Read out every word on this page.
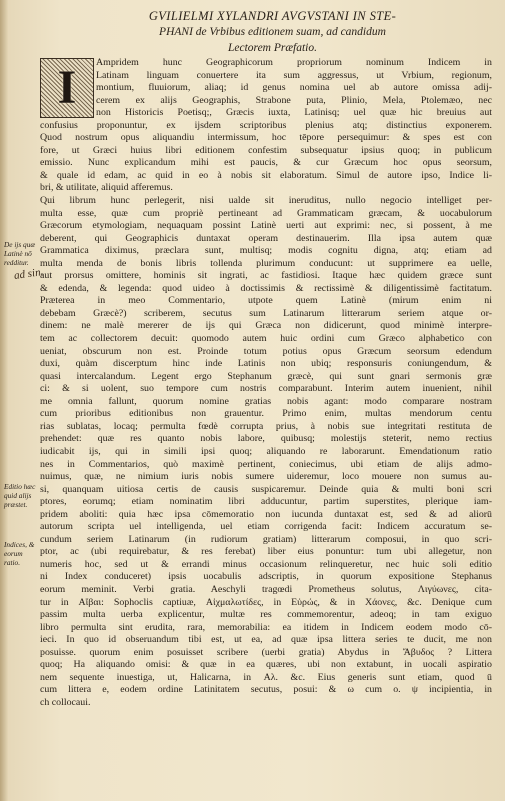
GVILIELMI XYLANDRI AVGVSTANI IN STE-
PHANI de Vrbibus editionem suam, ad candidum
Lectorem Præfatio.
I
De ijs quæ Latinè nō redditur.
Editio hæc quid alijs præstet.
Indices, & eorum ratio.
ad sin.
Ampridem hunc Geographicorum propriorum nominum Indicem in
Latinam linguam conuertere ita sum aggressus, ut Vrbium, regionum,
montium, fluuiorum, aliaq; id genus nomina uel ab autore omissa adij-
cerem ex alijs Geographis, Strabone puta, Plinio, Mela, Ptolemæo, nec
non Historicis Poetisq;, Græcis iuxta, Latinisq; uel quæ hic breuius aut
confusius proponuntur, ex ijsdem scriptoribus plenius atq; distinctius exponerem.
Quod nostrum opus aliquandiu intermissum, hoc tēpore persequimur: & spes est con
fore, ut Græci huius libri editionem confestim subsequatur ipsius quoq; in publicum
emissio. Nunc explicandum mihi est paucis, & cur Græcum hoc opus seorsum,
& quale id edam, ac quid in eo à nobis sit elaboratum. Simul de autore ipso, Indice li-
bri, & utilitate, aliquid afferemus.
Qui librum hunc perlegerit, nisi ualde sit ineruditus, nullo negocio intelliget per-
multa esse, quæ cum propriè pertineant ad Grammaticam græcam, & uocabulorum
Græcorum etymologiam, nequaquam possint Latinè uerti aut exprimi: nec, si possent, à me
deberent, qui Geographicis duntaxat operam destinauerim. Illa ipsa autem quæ
Grammatica diximus, præclara sunt, multisq; modis cognitu digna, atq; etiam ad
multa menda de bonis libris tollenda plurimum conducunt: ut supprimere ea uelle,
aut prorsus omittere, hominis sit ingrati, ac fastidiosi. Itaque hæc quidem græce sunt
& edenda, & legenda: quod uideo à doctissimis & rectissimè & diligentissimè factitatum.
Præterea in meo Commentario, utpote quem Latinè (mirum enim ni
debebam Græcè?) scriberem, secutus sum Latinarum litterarum seriem atque or-
dinem: ne malè mererer de ijs qui Græca non didicerunt, quod minimè interpre-
tem ac collectorem decuit: quomodo autem huic ordini cum Græco alphabetico con
ueniat, obscurum non est. Proinde totum potius opus Græcum seorsum edendum
duxi, quàm discerptum hinc inde Latinis non ubiq; responsuris coniungendum, &
quasi intercalandum. Legent ergo Stephanum græcè, qui sunt gnari sermonis græ
ci: & si uolent, suo tempore cum nostris comparabunt. Interim autem inuenient, nihil
me omnia fallunt, quorum nomine gratias nobis agant: modo comparare nostram
cum prioribus editionibus non grauentur. Primo enim, multas mendorum centu
rias sublatas, locaq; permulta fœdè corrupta prius, à nobis sue integritati restituta de
prehendet: quæ res quanto nobis labore, quibusq; molestijs steterit, nemo rectius
iudicabit ijs, qui in simili ipsi quoq; aliquando re laborarunt. Emendationum ratio
nes in Commentarios, quò maximè pertinent, coniecimus, ubi etiam de alijs admo-
nuimus, quæ, ne nimium iuris nobis sumere uideremur, loco mouere non sumus au-
si, quanquam uitiosa certis de causis suspicaremur. Deinde quia & multi boni scri
ptores, eorumq; etiam nominatim libri adducuntur, partim superstites, plerique iam-
pridem aboliti: quia hæc ipsa cōmemoratio non iucunda duntaxat est, sed & ad aliorū
autorum scripta uel intelligenda, uel etiam corrigenda facit: Indicem accuratum se-
cundum seriem Latinarum (in rudiorum gratiam) litterarum composui, in quo scri-
ptor, ac (ubi requirebatur, & res ferebat) liber eius ponuntur: tum ubi allegetur, non
numeris hoc, sed ut & errandi minus occasionum relinqueretur, nec huic soli editio
ni Index conduceret) ipsis uocabulis adscriptis, in quorum expositione Stephanus
eorum meminit. Verbi gratia. Aeschyli tragœdi Prometheus solutus, Λιγύωνες, cita-
tur in Αἴβαι: Sophoclis captiuæ, Αἰχμαλωτίδες, in Εὐρώς, & in Χάονες, &c. Denique cum
passim multa uerba explicentur, multæ res commemorentur, adeoq; in tam exiguo
libro permulta sint erudita, rara, memorabilia: ea itidem in Indicem eodem modo cō-
ieci. In quo id obseruandum tibi est, ut ea, ad quæ ipsa littera series te ducit, me non
posuisse. quorum enim posuisset scribere (uerbi gratia) Abydus in Ἄβυδος ? Littera
quoq; Ha aliquando omisi: & quæ in ea quæres, ubi non extabunt, in uocali aspiratio
nem sequente inuestiga, ut, Halicarna, in Αλ. &c. Eius generis sunt etiam, quod ū
cum littera e, eodem ordine Latinitatem secutus, posui: & ω cum o. ψ incipientia, in
ch collocaui.
